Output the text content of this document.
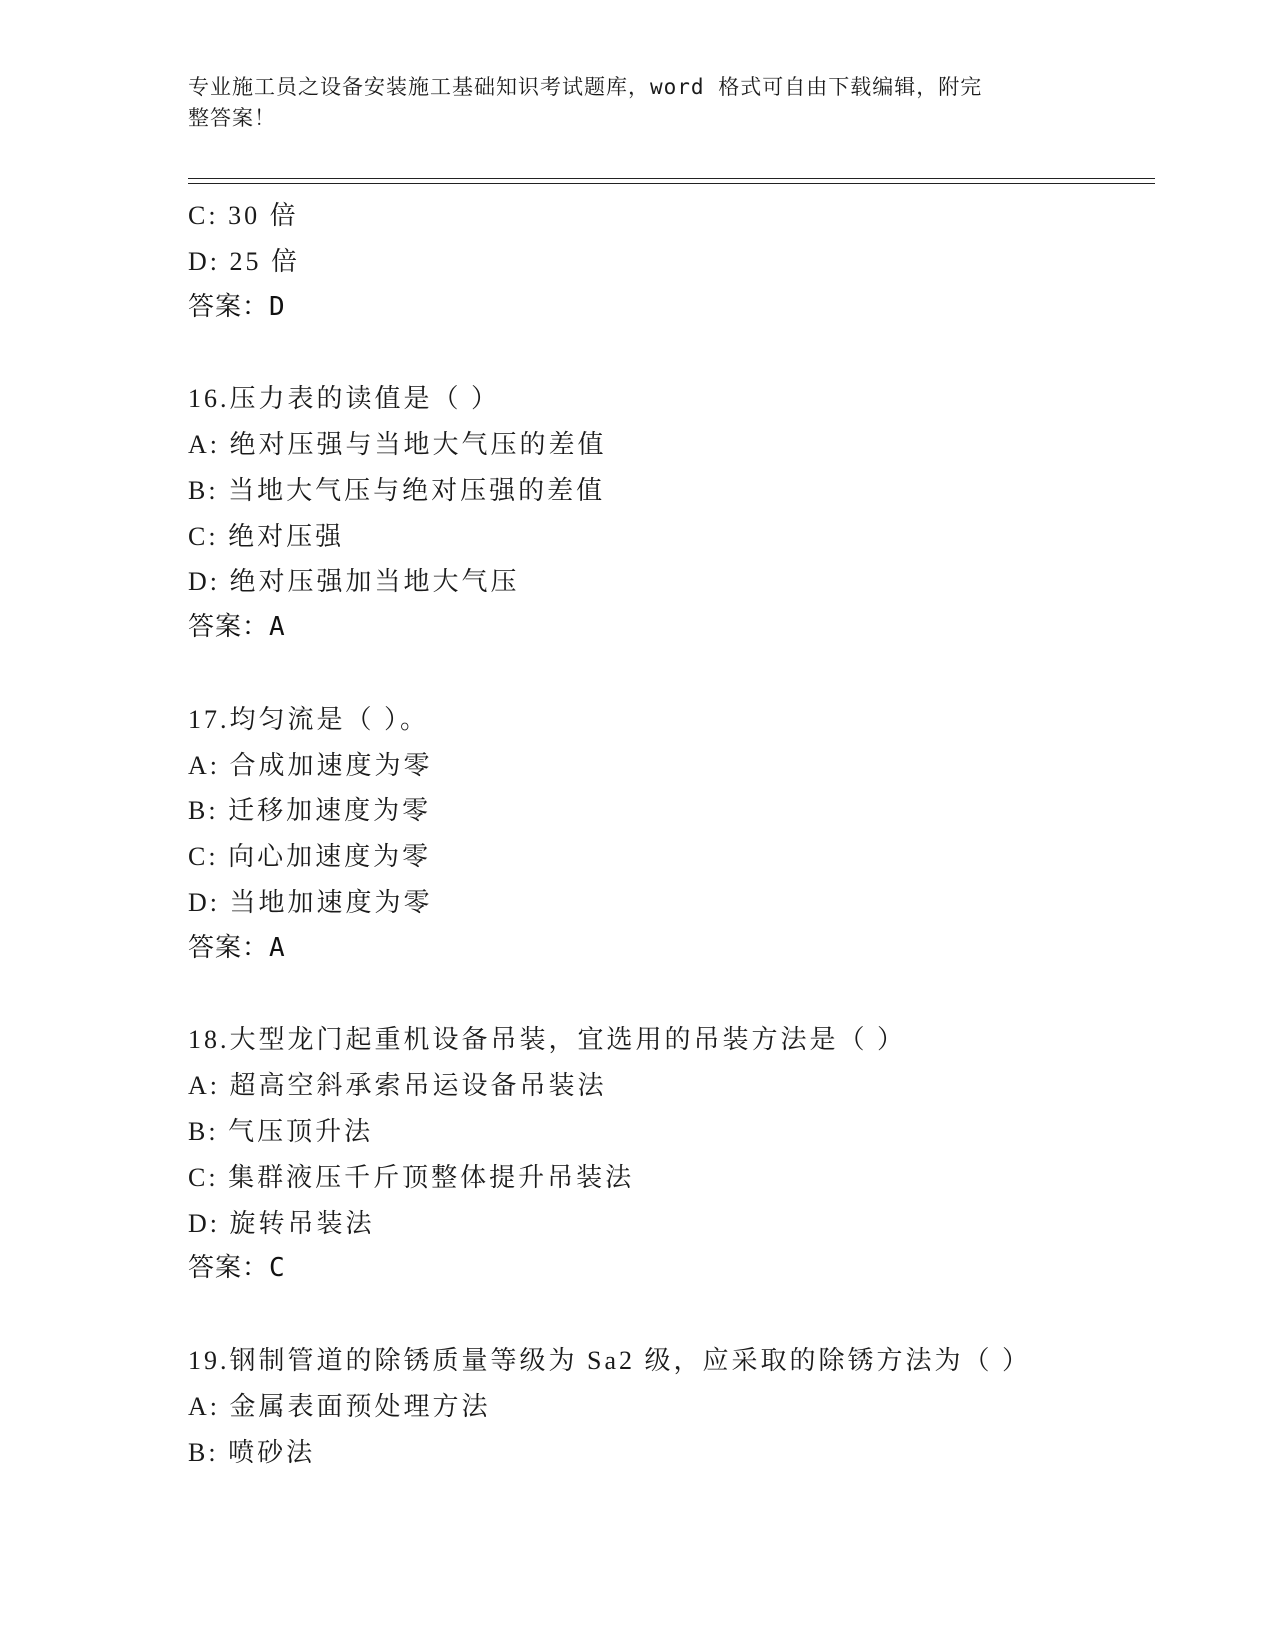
专业施工员之设备安装施工基础知识考试题库，word 格式可自由下载编辑，附完
整答案！
C: 30 倍
D: 25 倍
答案：D
16.压力表的读值是（ ）
A: 绝对压强与当地大气压的差值
B: 当地大气压与绝对压强的差值
C: 绝对压强
D: 绝对压强加当地大气压
答案：A
17.均匀流是（ ）。
A: 合成加速度为零
B: 迁移加速度为零
C: 向心加速度为零
D: 当地加速度为零
答案：A
18.大型龙门起重机设备吊装，宜选用的吊装方法是（ ）
A: 超高空斜承索吊运设备吊装法
B: 气压顶升法
C: 集群液压千斤顶整体提升吊装法
D: 旋转吊装法
答案：C
19.钢制管道的除锈质量等级为 Sa2 级，应采取的除锈方法为（ ）
A: 金属表面预处理方法
B: 喷砂法
